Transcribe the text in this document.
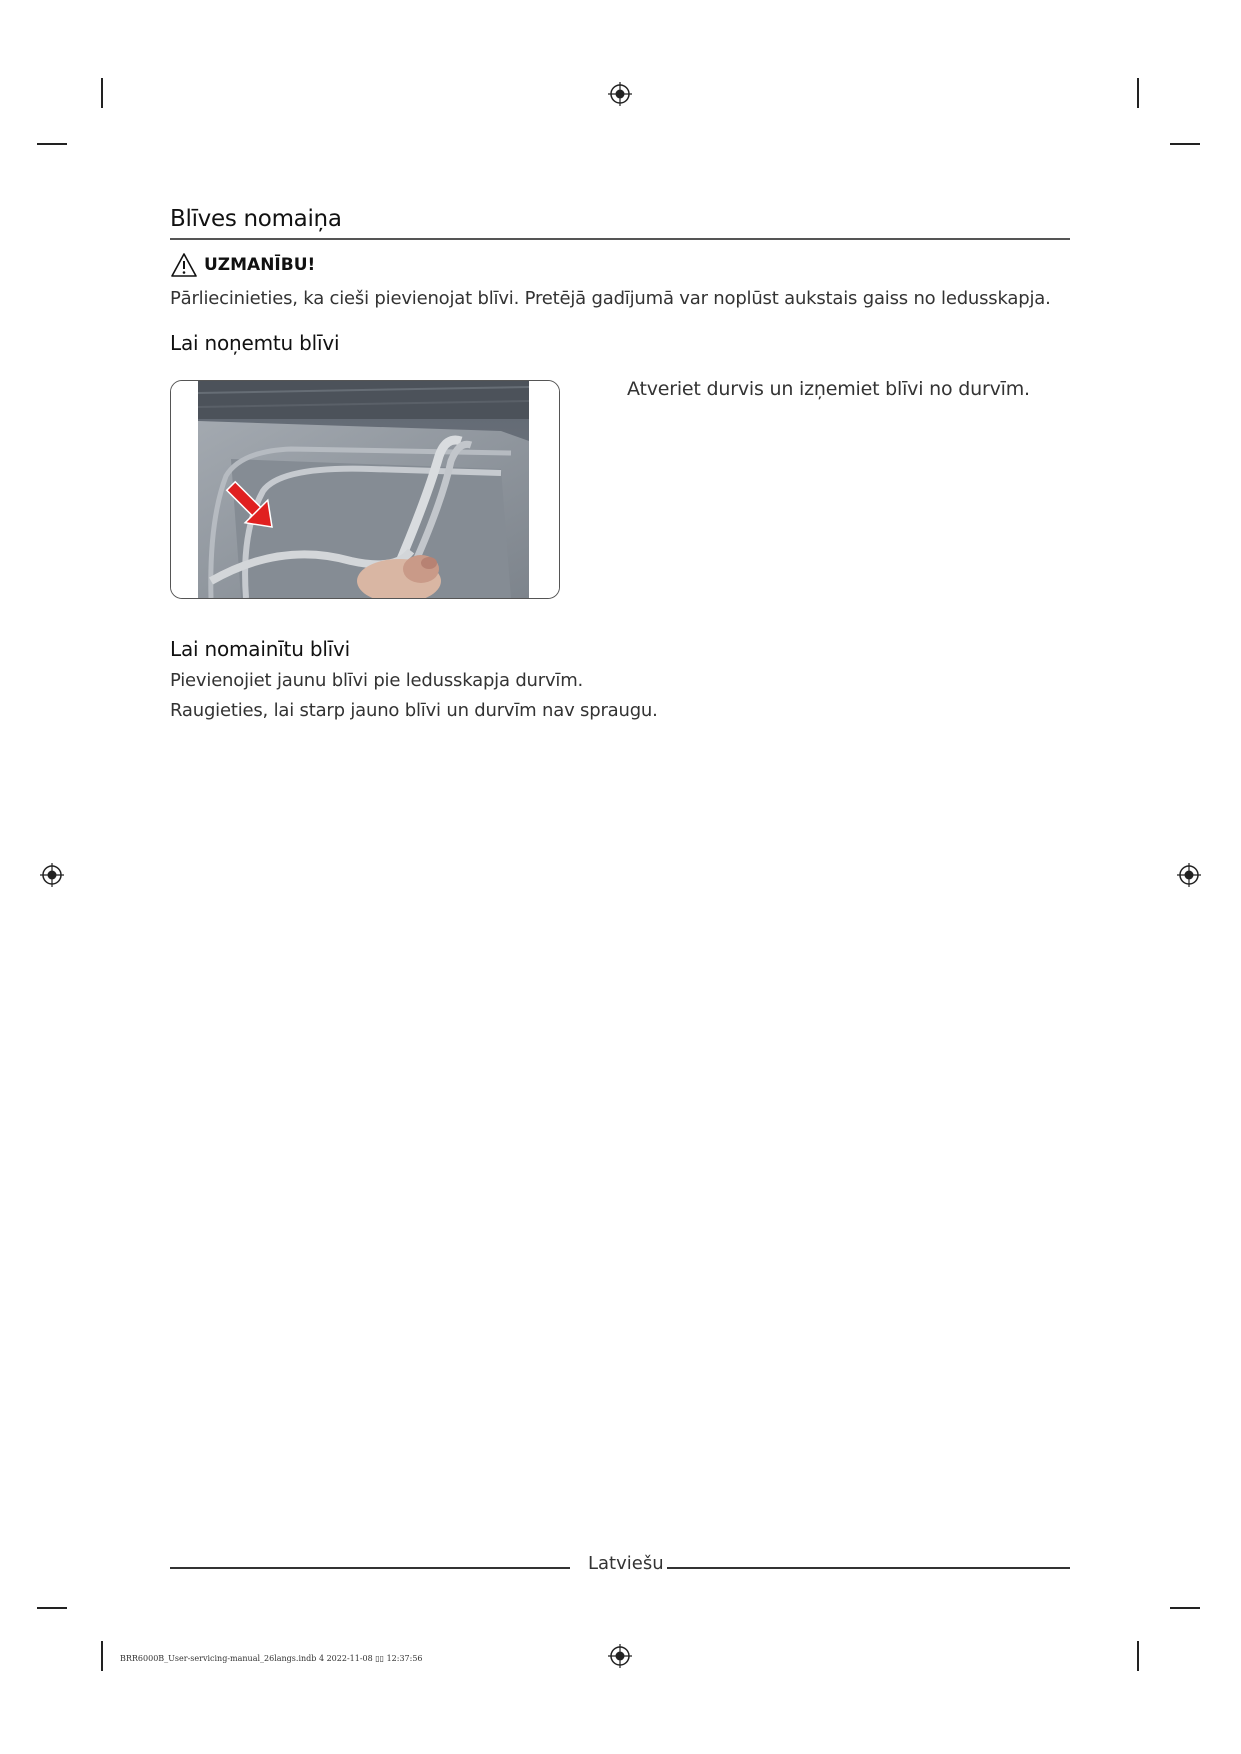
Blīves nomaiņa
UZMANĪBU!
Pārliecinieties, ka cieši pievienojat blīvi. Pretējā gadījumā var noplūst aukstais gaiss no ledusskapja.
Lai noņemtu blīvi
Atveriet durvis un izņemiet blīvi no durvīm.
Lai nomainītu blīvi
Pievienojiet jaunu blīvi pie ledusskapja durvīm.
Raugieties, lai starp jauno blīvi un durvīm nav spraugu.
Latviešu
BRR6000B_User-servicing-manual_26langs.indb 4 2022-11-08 ▯▯ 12:37:56
